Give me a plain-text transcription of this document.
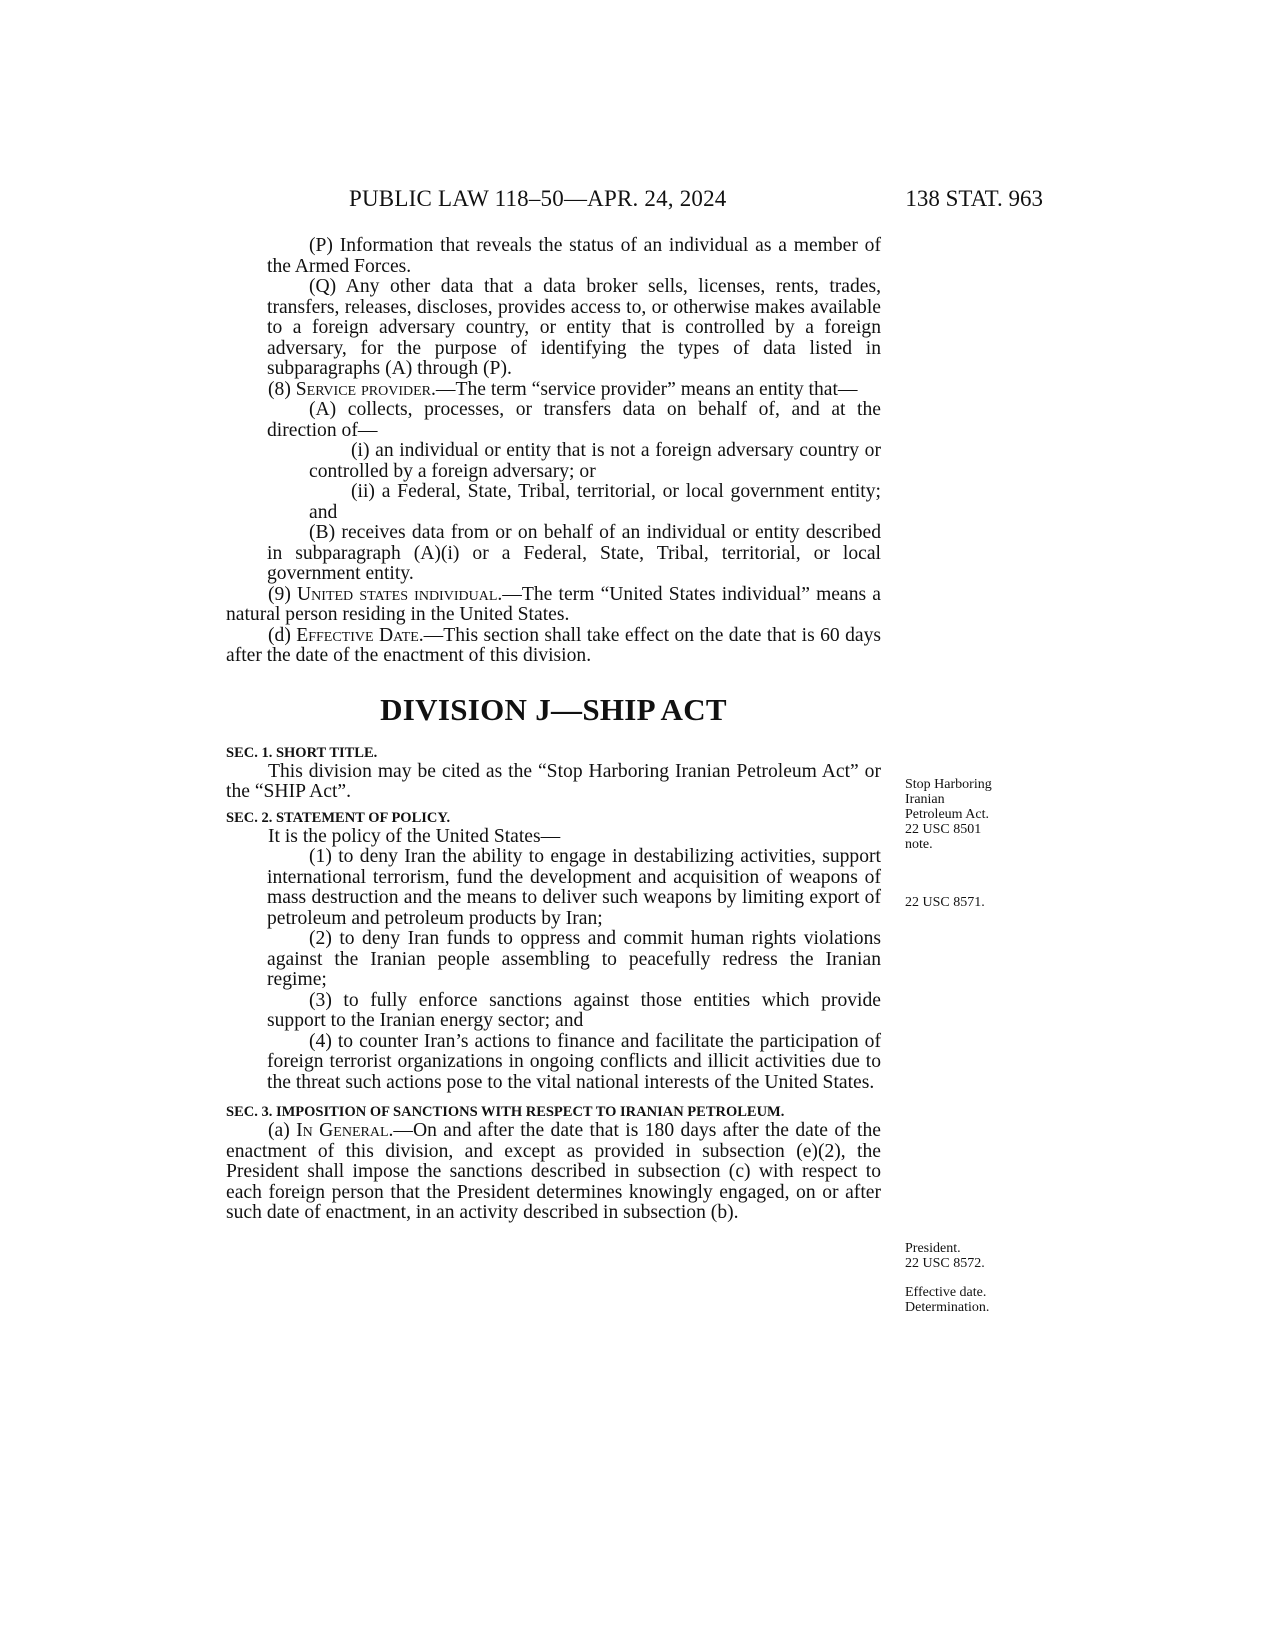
PUBLIC LAW 118–50—APR. 24, 2024	138 STAT. 963

(P) Information that reveals the status of an individual as a member of the Armed Forces.

(Q) Any other data that a data broker sells, licenses, rents, trades, transfers, releases, discloses, provides access to, or otherwise makes available to a foreign adversary country, or entity that is controlled by a foreign adversary, for the purpose of identifying the types of data listed in subparagraphs (A) through (P).

(8) Service provider.—The term “service provider” means an entity that—

(A) collects, processes, or transfers data on behalf of, and at the direction of—

(i) an individual or entity that is not a foreign adversary country or controlled by a foreign adversary; or

(ii) a Federal, State, Tribal, territorial, or local government entity; and

(B) receives data from or on behalf of an individual or entity described in subparagraph (A)(i) or a Federal, State, Tribal, territorial, or local government entity.

(9) United states individual.—The term “United States individual” means a natural person residing in the United States.

(d) Effective Date.—This section shall take effect on the date that is 60 days after the date of the enactment of this division.

DIVISION J—SHIP ACT

SEC. 1. SHORT TITLE.

This division may be cited as the “Stop Harboring Iranian Petroleum Act” or the “SHIP Act”.

SEC. 2. STATEMENT OF POLICY.

It is the policy of the United States—

(1) to deny Iran the ability to engage in destabilizing activities, support international terrorism, fund the development and acquisition of weapons of mass destruction and the means to deliver such weapons by limiting export of petroleum and petroleum products by Iran;

(2) to deny Iran funds to oppress and commit human rights violations against the Iranian people assembling to peacefully redress the Iranian regime;

(3) to fully enforce sanctions against those entities which provide support to the Iranian energy sector; and

(4) to counter Iran’s actions to finance and facilitate the participation of foreign terrorist organizations in ongoing conflicts and illicit activities due to the threat such actions pose to the vital national interests of the United States.

SEC. 3. IMPOSITION OF SANCTIONS WITH RESPECT TO IRANIAN PETROLEUM.

(a) In General.—On and after the date that is 180 days after the date of the enactment of this division, and except as provided in subsection (e)(2), the President shall impose the sanctions described in subsection (c) with respect to each foreign person that the President determines knowingly engaged, on or after such date of enactment, in an activity described in subsection (b).

Stop Harboring
Iranian
Petroleum Act.
22 USC 8501
note.
22 USC 8571.
President.
22 USC 8572.
Effective date.
Determination.
